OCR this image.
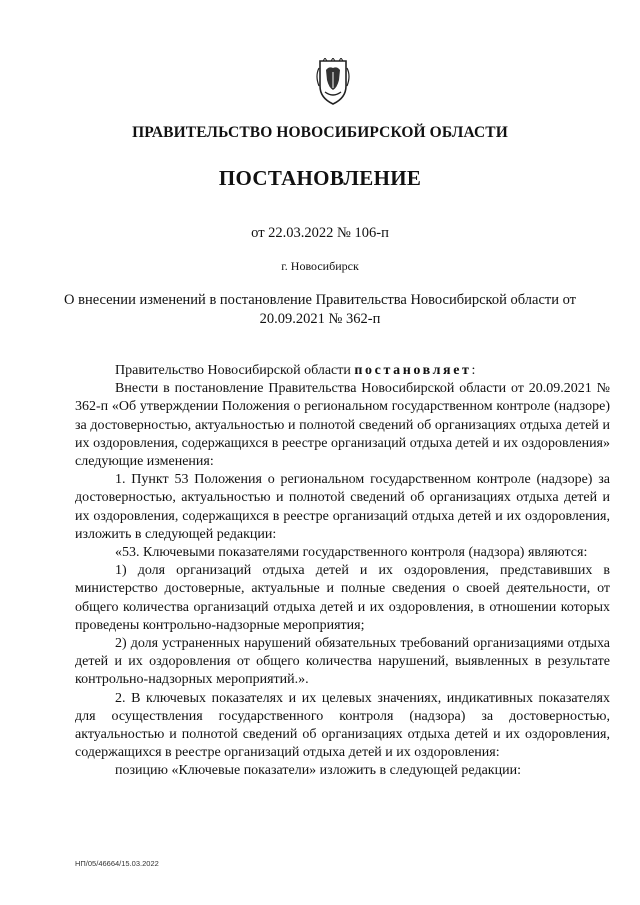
ПРАВИТЕЛЬСТВО НОВОСИБИРСКОЙ ОБЛАСТИ
ПОСТАНОВЛЕНИЕ
от 22.03.2022 № 106-п
г. Новосибирск
О внесении изменений в постановление Правительства Новосибирской области от 20.09.2021 № 362-п

Правительство Новосибирской области постановляет:

Внести в постановление Правительства Новосибирской области от 20.09.2021 № 362-п «Об утверждении Положения о региональном государственном контроле (надзоре) за достоверностью, актуальностью и полнотой сведений об организациях отдыха детей и их оздоровления, содержащихся в реестре организаций отдыха детей и их оздоровления» следующие изменения:

1. Пункт 53 Положения о региональном государственном контроле (надзоре) за достоверностью, актуальностью и полнотой сведений об организациях отдыха детей и их оздоровления, содержащихся в реестре организаций отдыха детей и их оздоровления, изложить в следующей редакции:

«53. Ключевыми показателями государственного контроля (надзора) являются:

1) доля организаций отдыха детей и их оздоровления, представивших в министерство достоверные, актуальные и полные сведения о своей деятельности, от общего количества организаций отдыха детей и их оздоровления, в отношении которых проведены контрольно-надзорные мероприятия;

2) доля устраненных нарушений обязательных требований организациями отдыха детей и их оздоровления от общего количества нарушений, выявленных в результате контрольно-надзорных мероприятий.».

2. В ключевых показателях и их целевых значениях, индикативных показателях для осуществления государственного контроля (надзора) за достоверностью, актуальностью и полнотой сведений об организациях отдыха детей и их оздоровления, содержащихся в реестре организаций отдыха детей и их оздоровления:

позицию «Ключевые показатели» изложить в следующей редакции:

НП/05/46664/15.03.2022
